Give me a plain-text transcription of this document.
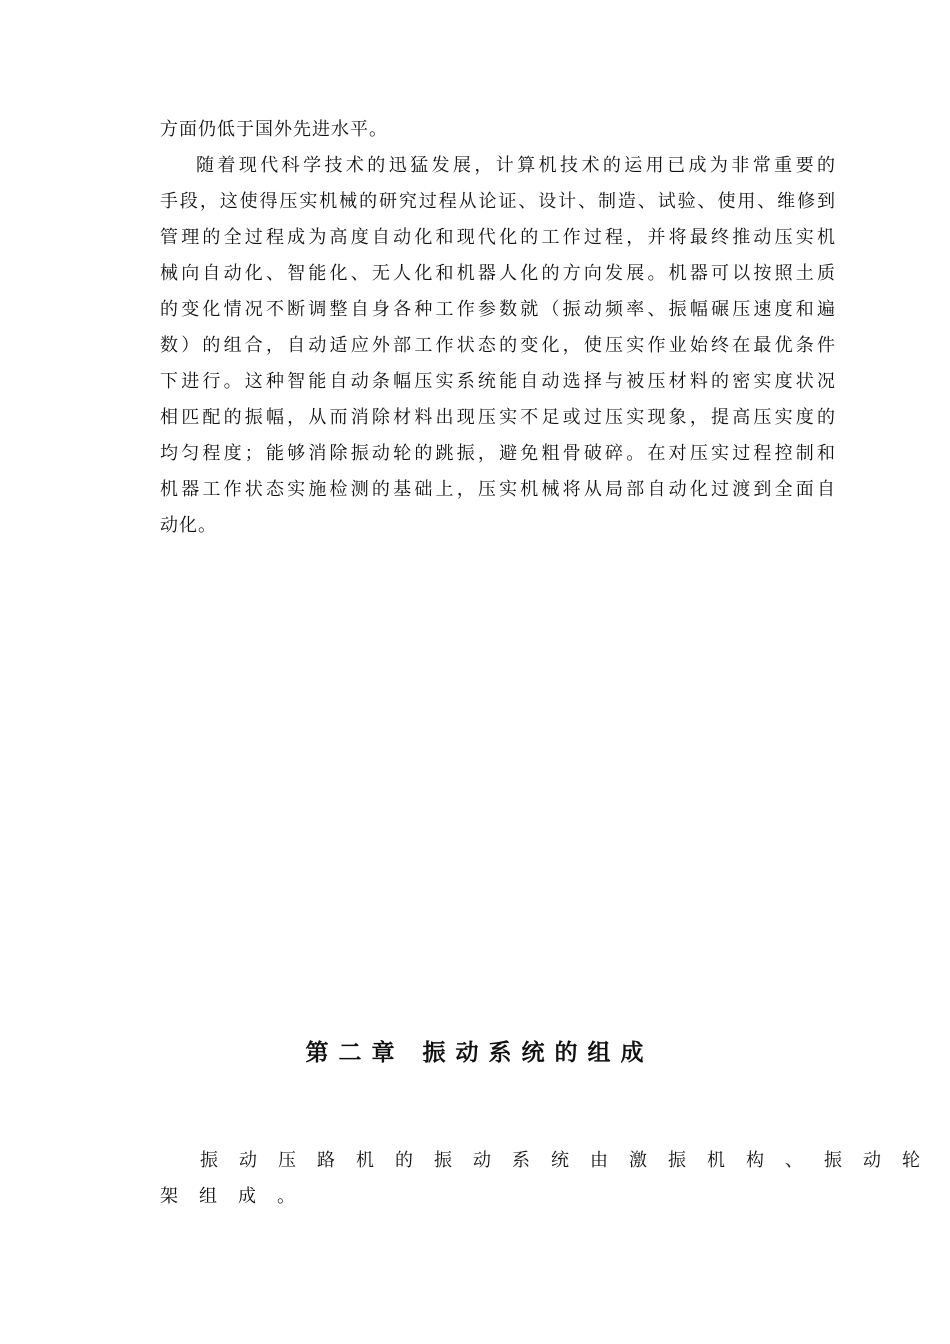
方面仍低于国外先进水平。
随着现代科学技术的迅猛发展，计算机技术的运用已成为非常重要的
手段，这使得压实机械的研究过程从论证、设计、制造、试验、使用、维修到
管理的全过程成为高度自动化和现代化的工作过程，并将最终推动压实机
械向自动化、智能化、无人化和机器人化的方向发展。机器可以按照土质
的变化情况不断调整自身各种工作参数就（振动频率、振幅碾压速度和遍
数）的组合，自动适应外部工作状态的变化，使压实作业始终在最优条件
下进行。这种智能自动条幅压实系统能自动选择与被压材料的密实度状况
相匹配的振幅，从而消除材料出现压实不足或过压实现象，提高压实度的
均匀程度；能够消除振动轮的跳振，避免粗骨破碎。在对压实过程控制和
机器工作状态实施检测的基础上，压实机械将从局部自动化过渡到全面自
动化。
第 二 章   振 动 系 统 的 组 成
振动压路机的振动系统由激振机构、振动轮
架组成。
